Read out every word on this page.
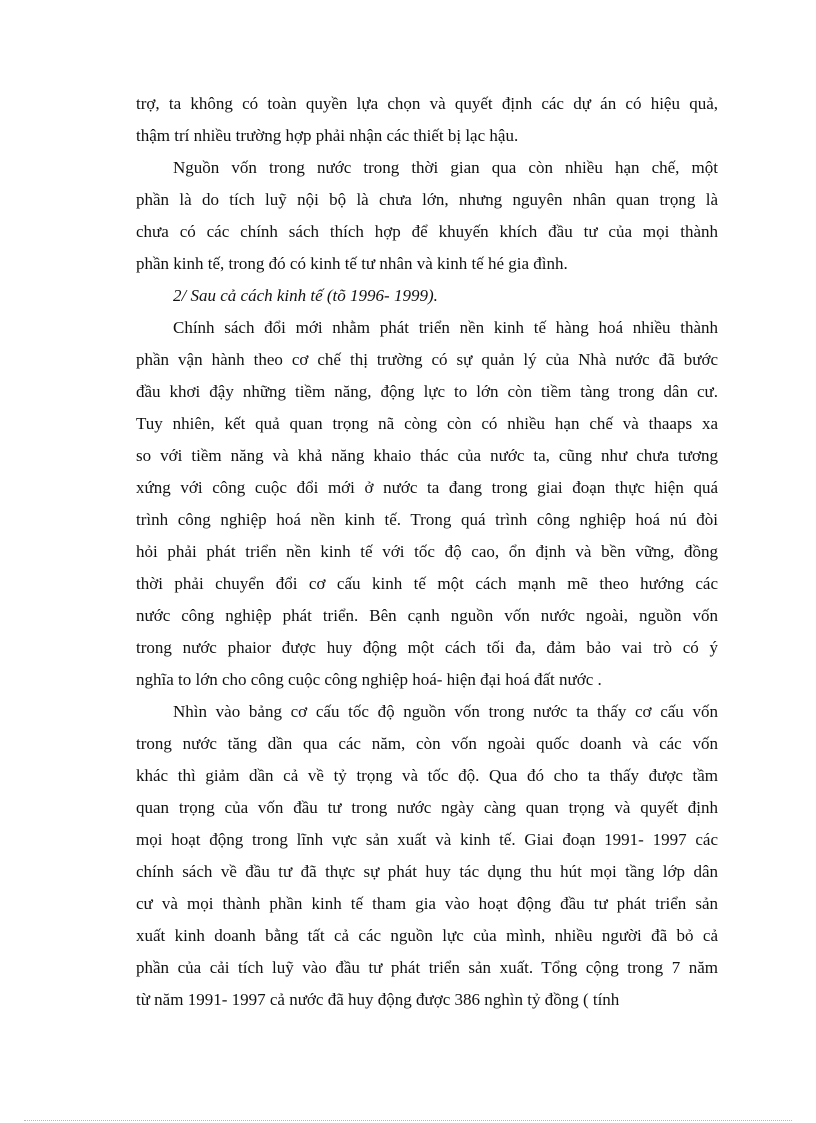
trợ, ta không có toàn quyền lựa chọn và quyết định các dự án có hiệu quả,
thậm trí nhiều trường hợp phải nhận các thiết bị lạc hậu.
Nguồn vốn trong nước trong thời gian qua còn nhiều hạn chế, một
phần là do tích luỹ nội bộ là chưa lớn, nhưng nguyên nhân quan trọng là
chưa có các chính sách thích hợp để khuyến khích đầu tư của mọi thành
phần kinh tế, trong đó có kinh tế tư nhân và kinh tế hé gia đình.
2/ Sau cả cách kinh tế (tõ 1996- 1999).
Chính sách đổi mới nhằm phát triển nền kinh tế hàng hoá nhiều thành
phần vận hành theo cơ chế thị trường có sự quản lý của Nhà nước đã bước
đầu khơi đậy những tiềm năng, động lực to lớn còn tiềm tàng trong dân cư.
Tuy nhiên, kết quả quan trọng nã còng còn có nhiều hạn chế và thaaps xa
so với tiềm năng và khả năng khaio thác của nước ta, cũng như chưa tương
xứng với công cuộc đổi mới ở nước ta đang trong giai đoạn thực hiện quá
trình công nghiệp hoá nền kinh tế. Trong quá trình công nghiệp hoá nú đòi
hỏi phải phát triển nền kinh tế với tốc độ cao, ổn định và bền vững, đồng
thời phải chuyển đổi cơ cấu kinh tế một cách mạnh mẽ theo hướng các
nước công nghiệp phát triển. Bên cạnh nguồn vốn nước ngoài, nguồn vốn
trong nước phaior được huy động một cách tối đa, đảm bảo vai trò có ý
nghĩa to lớn cho công cuộc công nghiệp hoá- hiện đại hoá đất nước .
Nhìn vào bảng cơ cấu tốc độ nguồn vốn trong nước ta thấy cơ cấu vốn
trong nước tăng dần qua các năm, còn vốn ngoài quốc doanh và các vốn
khác thì giảm dần cả về tỷ trọng và tốc độ. Qua đó cho ta thấy được tầm
quan trọng của vốn đầu tư trong nước ngày càng quan trọng và quyết định
mọi hoạt động trong lĩnh vực sản xuất và kinh tế. Giai đoạn 1991- 1997 các
chính sách về đầu tư đã thực sự phát huy tác dụng thu hút mọi tầng lớp dân
cư và mọi thành phần kinh tế tham gia vào hoạt động đầu tư phát triển sản
xuất kinh doanh bằng tất cả các nguồn lực của mình, nhiều người đã bỏ cả
phần của cải tích luỹ vào đầu tư phát triển sản xuất. Tổng cộng trong 7 năm
từ năm 1991- 1997 cả nước đã huy động được 386 nghìn tỷ đồng ( tính
